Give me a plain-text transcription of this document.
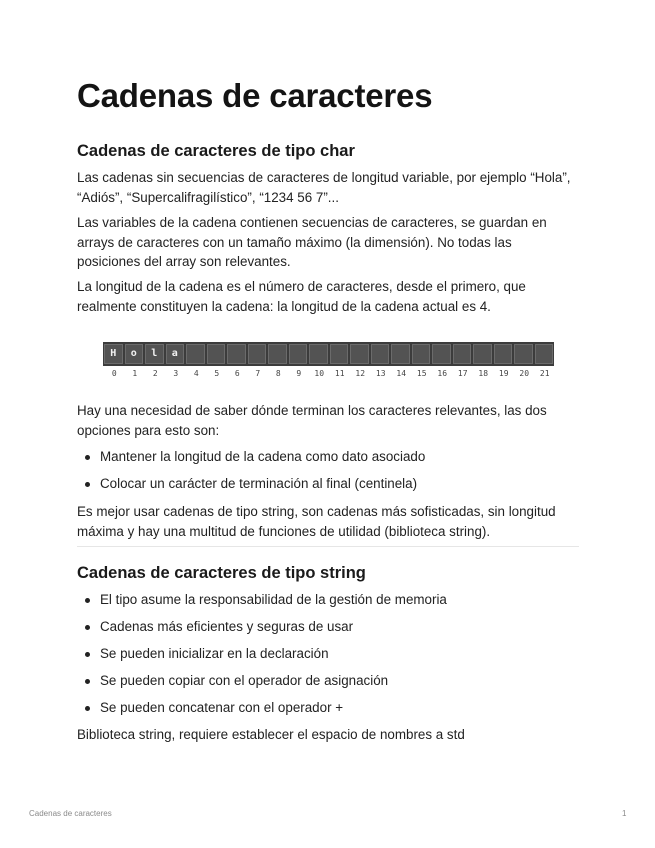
Cadenas de caracteres
Cadenas de caracteres de tipo char

Las cadenas sin secuencias de caracteres de longitud variable, por ejemplo “Hola”, “Adiós”, “Supercalifragilístico”, “1234 56 7”...

Las variables de la cadena contienen secuencias de caracteres, se guardan en arrays de caracteres con un tamaño máximo (la dimensión). No todas las posiciones del array son relevantes.

La longitud de la cadena es el número de caracteres, desde el primero, que realmente constituyen la cadena: la longitud de la cadena actual es 4.

Hay una necesidad de saber dónde terminan los caracteres relevantes, las dos opciones para esto son:

Mantener la longitud de la cadena como dato asociado
Colocar un carácter de terminación al final (centinela)

Es mejor usar cadenas de tipo string, son cadenas más sofisticadas, sin longitud máxima y hay una multitud de funciones de utilidad (biblioteca string).

Cadenas de caracteres de tipo string
El tipo asume la responsabilidad de la gestión de memoria
Cadenas más eficientes y seguras de usar
Se pueden inicializar en la declaración
Se pueden copiar con el operador de asignación
Se pueden concatenar con el operador +

Biblioteca string, requiere establecer el espacio de nombres a std

H	o	l	a
0	1	2	3	4	5	6	7	8	9	10	11	12	13	14	15	16	17	18	19	20	21
Cadenas de caracteres	1
